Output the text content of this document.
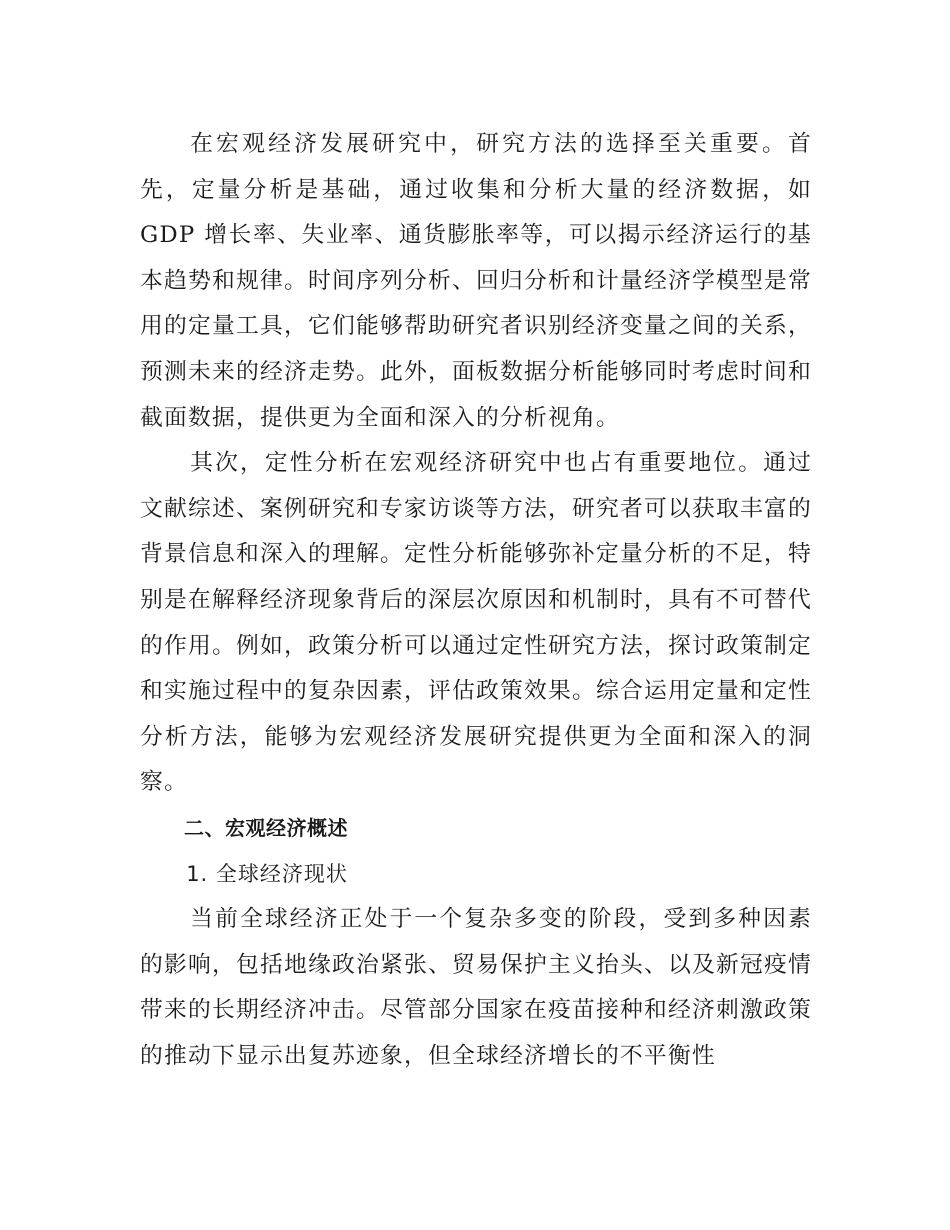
在宏观经济发展研究中，研究方法的选择至关重要。首先，定量分析是基础，通过收集和分析大量的经济数据，如GDP 增长率、失业率、通货膨胀率等，可以揭示经济运行的基本趋势和规律。时间序列分析、回归分析和计量经济学模型是常用的定量工具，它们能够帮助研究者识别经济变量之间的关系，预测未来的经济走势。此外，面板数据分析能够同时考虑时间和截面数据，提供更为全面和深入的分析视角。

其次，定性分析在宏观经济研究中也占有重要地位。通过文献综述、案例研究和专家访谈等方法，研究者可以获取丰富的背景信息和深入的理解。定性分析能够弥补定量分析的不足，特别是在解释经济现象背后的深层次原因和机制时，具有不可替代的作用。例如，政策分析可以通过定性研究方法，探讨政策制定和实施过程中的复杂因素，评估政策效果。综合运用定量和定性分析方法，能够为宏观经济发展研究提供更为全面和深入的洞察。

二、宏观经济概述

1. 全球经济现状

当前全球经济正处于一个复杂多变的阶段，受到多种因素的影响，包括地缘政治紧张、贸易保护主义抬头、以及新冠疫情带来的长期经济冲击。尽管部分国家在疫苗接种和经济刺激政策的推动下显示出复苏迹象，但全球经济增长的不平衡性
